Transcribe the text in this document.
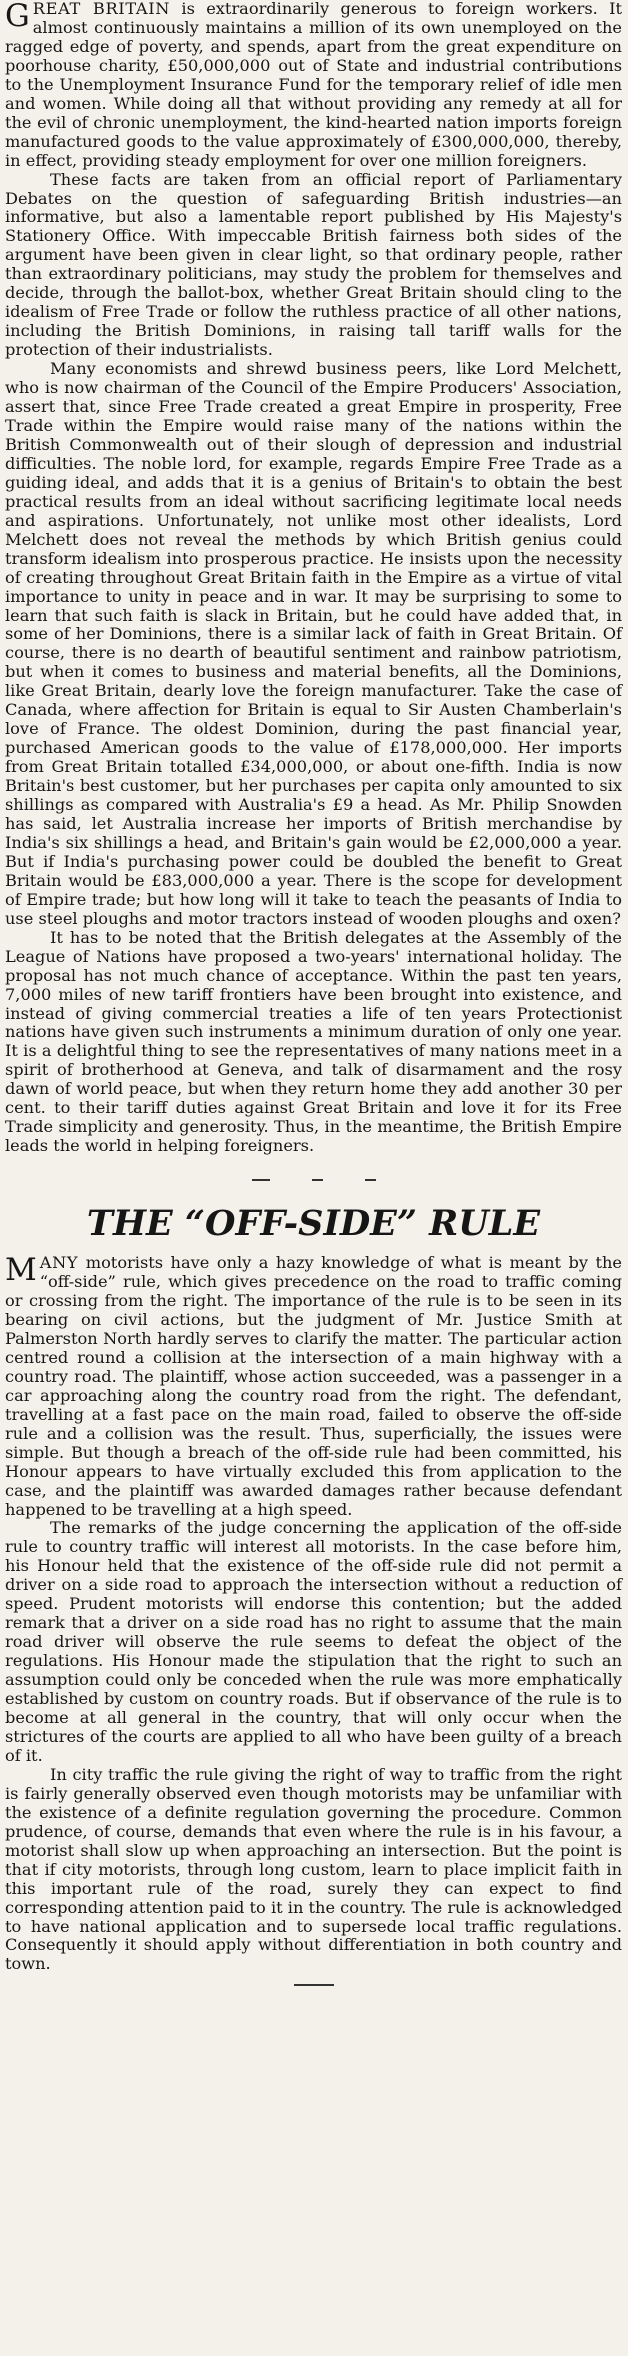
GREAT BRITAIN is extraordinarily generous to foreign workers. It almost continuously maintains a million of its own unemployed on the ragged edge of poverty, and spends, apart from the great expenditure on poorhouse charity, £50,000,000 out of State and industrial contributions to the Unemployment Insurance Fund for the temporary relief of idle men and women. While doing all that without providing any remedy at all for the evil of chronic unemployment, the kind-hearted nation imports foreign manufactured goods to the value approximately of £300,000,000, thereby, in effect, providing steady employment for over one million foreigners.

These facts are taken from an official report of Parliamentary Debates on the question of safeguarding British industries—an informative, but also a lamentable report published by His Majesty's Stationery Office. With impeccable British fairness both sides of the argument have been given in clear light, so that ordinary people, rather than extraordinary politicians, may study the problem for themselves and decide, through the ballot-box, whether Great Britain should cling to the idealism of Free Trade or follow the ruthless practice of all other nations, including the British Dominions, in raising tall tariff walls for the protection of their industrialists.

Many economists and shrewd business peers, like Lord Melchett, who is now chairman of the Council of the Empire Producers' Association, assert that, since Free Trade created a great Empire in prosperity, Free Trade within the Empire would raise many of the nations within the British Commonwealth out of their slough of depression and industrial difficulties. The noble lord, for example, regards Empire Free Trade as a guiding ideal, and adds that it is a genius of Britain's to obtain the best practical results from an ideal without sacrificing legitimate local needs and aspirations. Unfortunately, not unlike most other idealists, Lord Melchett does not reveal the methods by which British genius could transform idealism into prosperous practice. He insists upon the necessity of creating throughout Great Britain faith in the Empire as a virtue of vital importance to unity in peace and in war. It may be surprising to some to learn that such faith is slack in Britain, but he could have added that, in some of her Dominions, there is a similar lack of faith in Great Britain. Of course, there is no dearth of beautiful sentiment and rainbow patriotism, but when it comes to business and material benefits, all the Dominions, like Great Britain, dearly love the foreign manufacturer. Take the case of Canada, where affection for Britain is equal to Sir Austen Chamberlain's love of France. The oldest Dominion, during the past financial year, purchased American goods to the value of £178,000,000. Her imports from Great Britain totalled £34,000,000, or about one-fifth. India is now Britain's best customer, but her purchases per capita only amounted to six shillings as compared with Australia's £9 a head. As Mr. Philip Snowden has said, let Australia increase her imports of British merchandise by India's six shillings a head, and Britain's gain would be £2,000,000 a year. But if India's purchasing power could be doubled the benefit to Great Britain would be £83,000,000 a year. There is the scope for development of Empire trade; but how long will it take to teach the peasants of India to use steel ploughs and motor tractors instead of wooden ploughs and oxen?

It has to be noted that the British delegates at the Assembly of the League of Nations have proposed a two-years' international holiday. The proposal has not much chance of acceptance. Within the past ten years, 7,000 miles of new tariff frontiers have been brought into existence, and instead of giving commercial treaties a life of ten years Protectionist nations have given such instruments a minimum duration of only one year. It is a delightful thing to see the representatives of many nations meet in a spirit of brotherhood at Geneva, and talk of disarmament and the rosy dawn of world peace, but when they return home they add another 30 per cent. to their tariff duties against Great Britain and love it for its Free Trade simplicity and generosity. Thus, in the meantime, the British Empire leads the world in helping foreigners.

THE “OFF-SIDE” RULE

MANY motorists have only a hazy knowledge of what is meant by the “off-side” rule, which gives precedence on the road to traffic coming or crossing from the right. The importance of the rule is to be seen in its bearing on civil actions, but the judgment of Mr. Justice Smith at Palmerston North hardly serves to clarify the matter. The particular action centred round a collision at the intersection of a main highway with a country road. The plaintiff, whose action succeeded, was a passenger in a car approaching along the country road from the right. The defendant, travelling at a fast pace on the main road, failed to observe the off-side rule and a collision was the result. Thus, superficially, the issues were simple. But though a breach of the off-side rule had been committed, his Honour appears to have virtually excluded this from application to the case, and the plaintiff was awarded damages rather because defendant happened to be travelling at a high speed.

The remarks of the judge concerning the application of the off-side rule to country traffic will interest all motorists. In the case before him, his Honour held that the existence of the off-side rule did not permit a driver on a side road to approach the intersection without a reduction of speed. Prudent motorists will endorse this contention; but the added remark that a driver on a side road has no right to assume that the main road driver will observe the rule seems to defeat the object of the regulations. His Honour made the stipulation that the right to such an assumption could only be conceded when the rule was more emphatically established by custom on country roads. But if observance of the rule is to become at all general in the country, that will only occur when the strictures of the courts are applied to all who have been guilty of a breach of it.

In city traffic the rule giving the right of way to traffic from the right is fairly generally observed even though motorists may be unfamiliar with the existence of a definite regulation governing the procedure. Common prudence, of course, demands that even where the rule is in his favour, a motorist shall slow up when approaching an intersection. But the point is that if city motorists, through long custom, learn to place implicit faith in this important rule of the road, surely they can expect to find corresponding attention paid to it in the country. The rule is acknowledged to have national application and to supersede local traffic regulations. Consequently it should apply without differentiation in both country and town.
